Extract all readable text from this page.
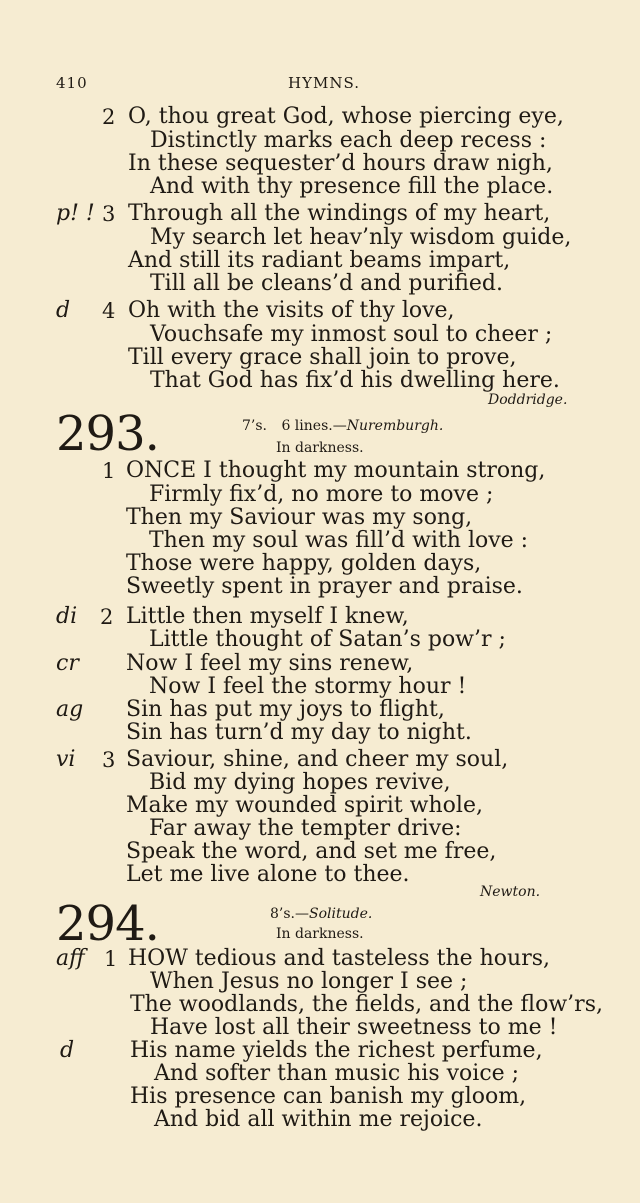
410	HYMNS.
2 O, thou great God, whose piercing eye,
Distinctly marks each deep recess :
In these sequester’d hours draw nigh,
And with thy presence fill the place.
p! ! 3 Through all the windings of my heart,
My search let heav’nly wisdom guide,
And still its radiant beams impart,
Till all be cleans’d and purified.
d 4 Oh with the visits of thy love,
Vouchsafe my inmost soul to cheer ;
Till every grace shall join to prove,
That God has fix’d his dwelling here.
Doddridge.
293.	7’s. 6 lines.—Nuremburgh.
In darkness.
1 ONCE I thought my mountain strong,
Firmly fix’d, no more to move ;
Then my Saviour was my song,
Then my soul was fill’d with love :
Those were happy, golden days,
Sweetly spent in prayer and praise.
di 2 Little then myself I knew,
Little thought of Satan’s pow’r ;
cr Now I feel my sins renew,
Now I feel the stormy hour !
ag Sin has put my joys to flight,
Sin has turn’d my day to night.
vi 3 Saviour, shine, and cheer my soul,
Bid my dying hopes revive,
Make my wounded spirit whole,
Far away the tempter drive:
Speak the word, and set me free,
Let me live alone to thee.
Newton.
294.	8’s.—Solitude.
In darkness.
aff 1 HOW tedious and tasteless the hours,
When Jesus no longer I see ;
The woodlands, the fields, and the flow’rs,
Have lost all their sweetness to me !
d	His name yields the richest perfume,
And softer than music his voice ;
His presence can banish my gloom,
And bid all within me rejoice.
